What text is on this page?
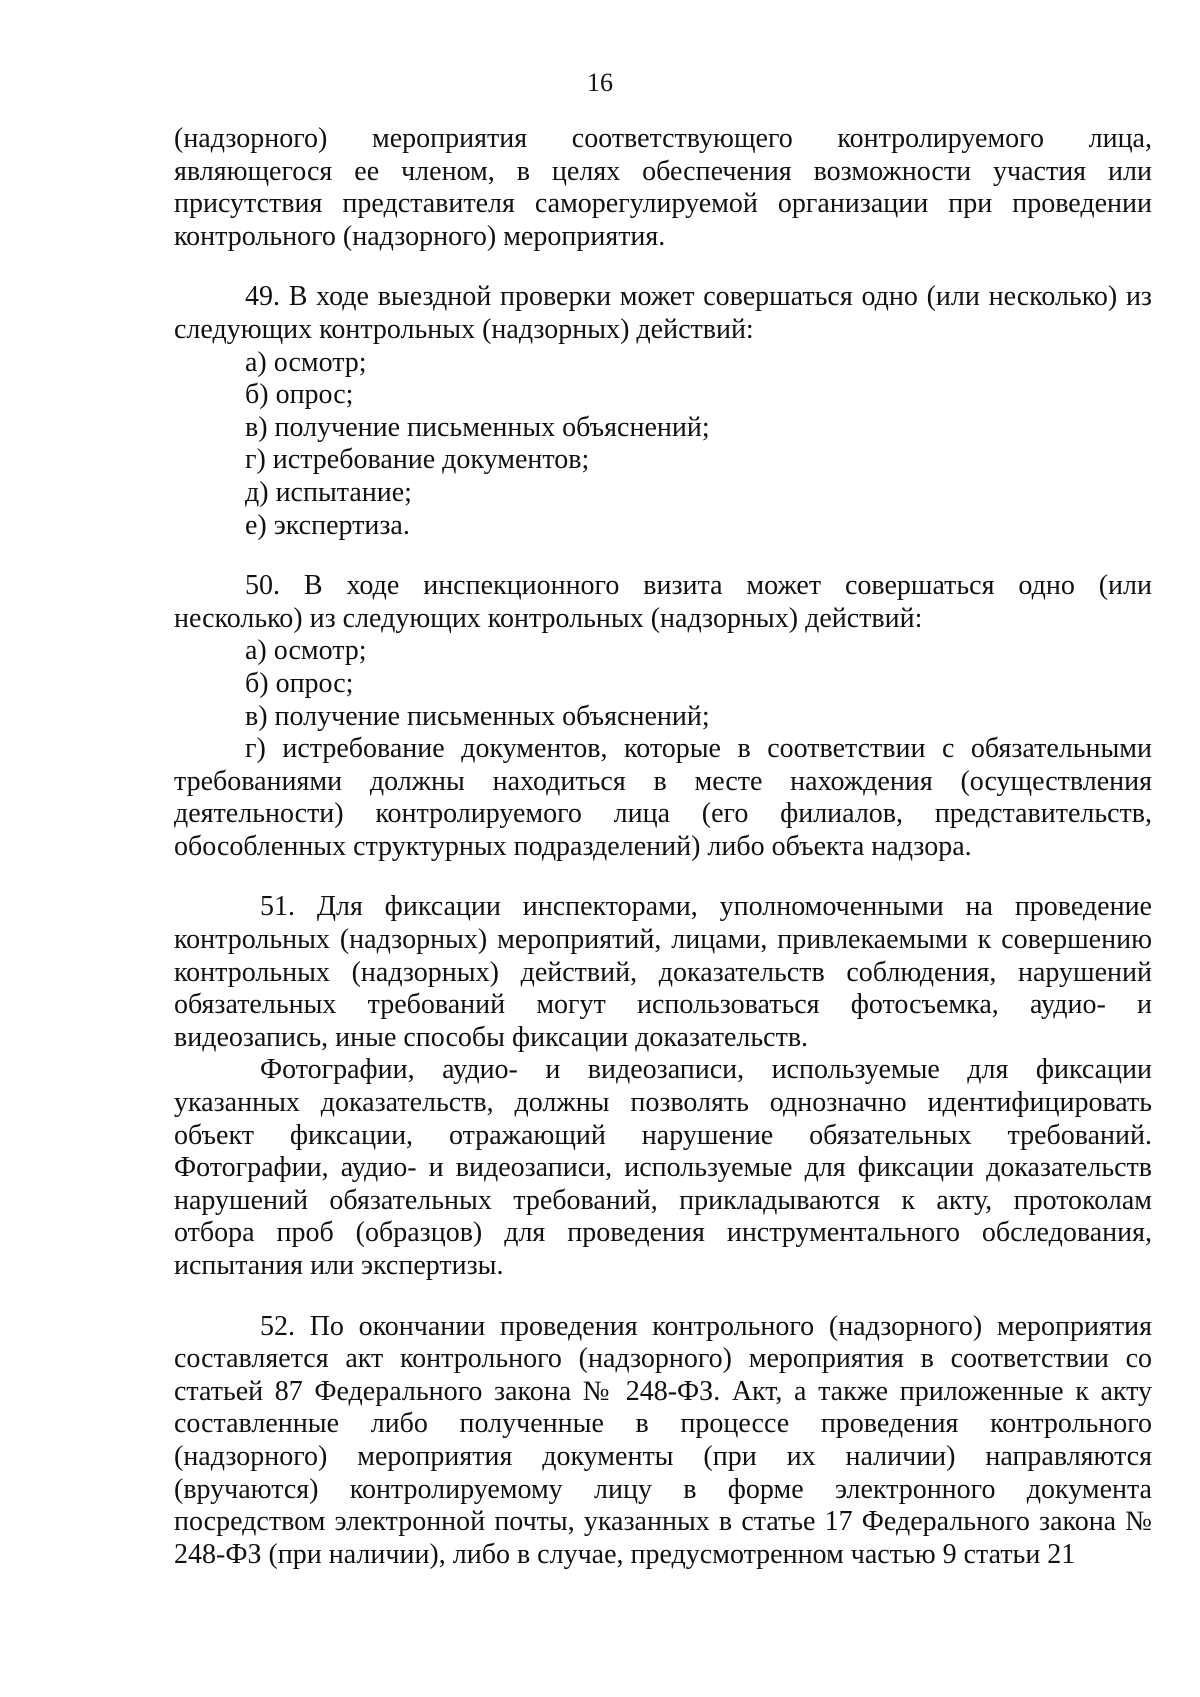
16

(надзорного) мероприятия соответствующего контролируемого лица, являющегося ее членом, в целях обеспечения возможности участия или присутствия представителя саморегулируемой организации при проведении контрольного (надзорного) мероприятия.

49. В ходе выездной проверки может совершаться одно (или несколько) из следующих контрольных (надзорных) действий:

а) осмотр;

б) опрос;

в) получение письменных объяснений;

г) истребование документов;

д) испытание;

е) экспертиза.

50. В ходе инспекционного визита может совершаться одно (или несколько) из следующих контрольных (надзорных) действий:

а) осмотр;

б) опрос;

в) получение письменных объяснений;

г) истребование документов, которые в соответствии с обязательными требованиями должны находиться в месте нахождения (осуществления деятельности) контролируемого лица (его филиалов, представительств, обособленных структурных подразделений) либо объекта надзора.

51. Для фиксации инспекторами, уполномоченными на проведение контрольных (надзорных) мероприятий, лицами, привлекаемыми к совершению контрольных (надзорных) действий, доказательств соблюдения, нарушений обязательных требований могут использоваться фотосъемка, аудио- и видеозапись, иные способы фиксации доказательств.

Фотографии, аудио- и видеозаписи, используемые для фиксации указанных доказательств, должны позволять однозначно идентифицировать объект фиксации, отражающий нарушение обязательных требований. Фотографии, аудио- и видеозаписи, используемые для фиксации доказательств нарушений обязательных требований, прикладываются к акту, протоколам отбора проб (образцов) для проведения инструментального обследования, испытания или экспертизы.

52. По окончании проведения контрольного (надзорного) мероприятия составляется акт контрольного (надзорного) мероприятия в соответствии со статьей 87 Федерального закона № 248-ФЗ. Акт, а также приложенные к акту составленные либо полученные в процессе проведения контрольного (надзорного) мероприятия документы (при их наличии) направляются (вручаются) контролируемому лицу в форме электронного документа посредством электронной почты, указанных в статье 17 Федерального закона № 248-ФЗ (при наличии), либо в случае, предусмотренном частью 9 статьи 21
